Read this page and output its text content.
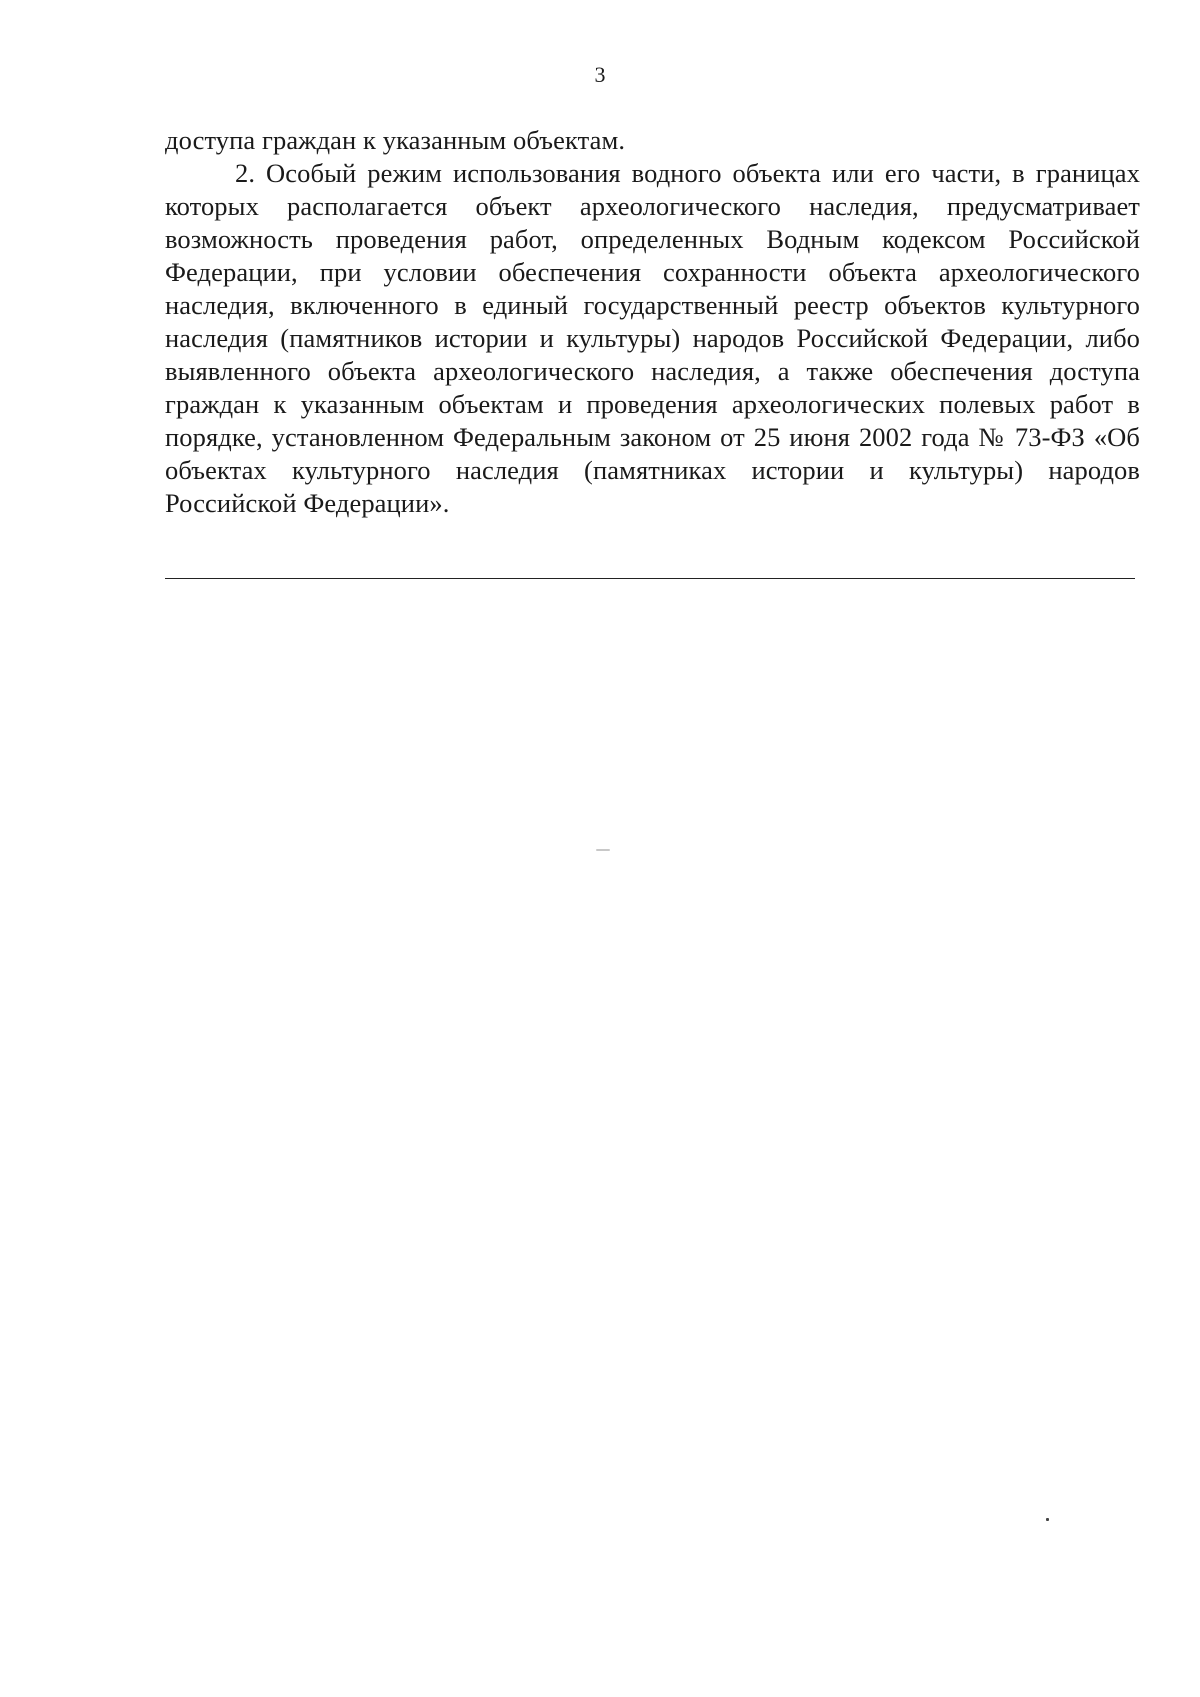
3

доступа граждан к указанным объектам.

2. Особый режим использования водного объекта или его части, в границах которых располагается объект археологического наследия, предусматривает возможность проведения работ, определенных Водным кодексом Российской Федерации, при условии обеспечения сохранности объекта археологического наследия, включенного в единый государственный реестр объектов культурного наследия (памятников истории и культуры) народов Российской Федерации, либо выявленного объекта археологического наследия, а также обеспечения доступа граждан к указанным объектам и проведения археологических полевых работ в порядке, установленном Федеральным законом от 25 июня 2002 года № 73-ФЗ «Об объектах культурного наследия (памятниках истории и культуры) народов Российской Федерации».
